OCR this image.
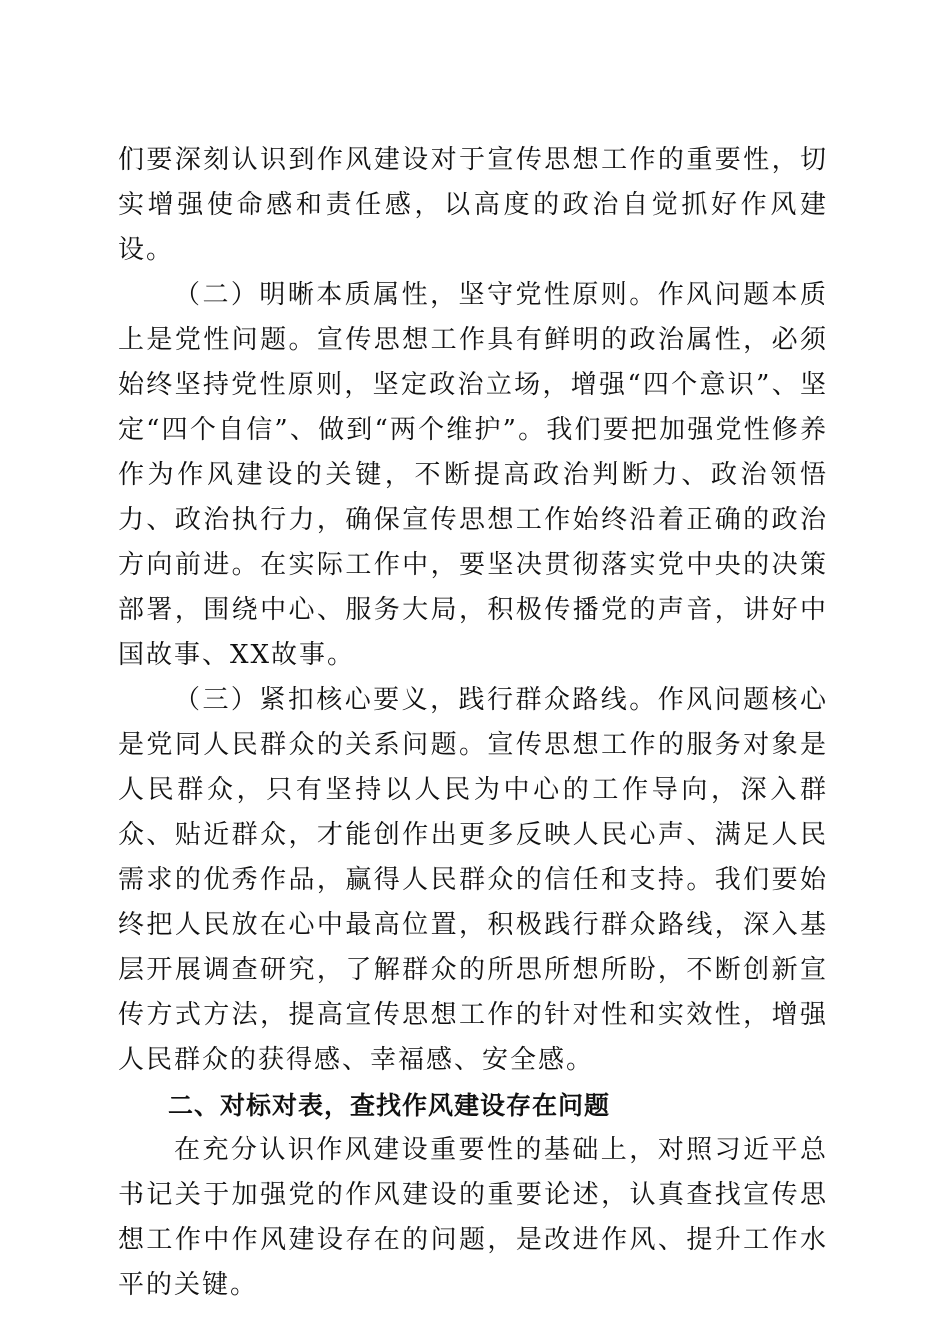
们要深刻认识到作风建设对于宣传思想工作的重要性，切实增强使命感和责任感，以高度的政治自觉抓好作风建设。

（二）明晰本质属性，坚守党性原则。作风问题本质上是党性问题。宣传思想工作具有鲜明的政治属性，必须始终坚持党性原则，坚定政治立场，增强“四个意识”、坚定“四个自信”、做到“两个维护”。我们要把加强党性修养作为作风建设的关键，不断提高政治判断力、政治领悟力、政治执行力，确保宣传思想工作始终沿着正确的政治方向前进。在实际工作中，要坚决贯彻落实党中央的决策部署，围绕中心、服务大局，积极传播党的声音，讲好中国故事、XX故事。

（三）紧扣核心要义，践行群众路线。作风问题核心是党同人民群众的关系问题。宣传思想工作的服务对象是人民群众，只有坚持以人民为中心的工作导向，深入群众、贴近群众，才能创作出更多反映人民心声、满足人民需求的优秀作品，赢得人民群众的信任和支持。我们要始终把人民放在心中最高位置，积极践行群众路线，深入基层开展调查研究，了解群众的所思所想所盼，不断创新宣传方式方法，提高宣传思想工作的针对性和实效性，增强人民群众的获得感、幸福感、安全感。

二、对标对表，查找作风建设存在问题

在充分认识作风建设重要性的基础上，对照习近平总书记关于加强党的作风建设的重要论述，认真查找宣传思想工作中作风建设存在的问题，是改进作风、提升工作水平的关键。
